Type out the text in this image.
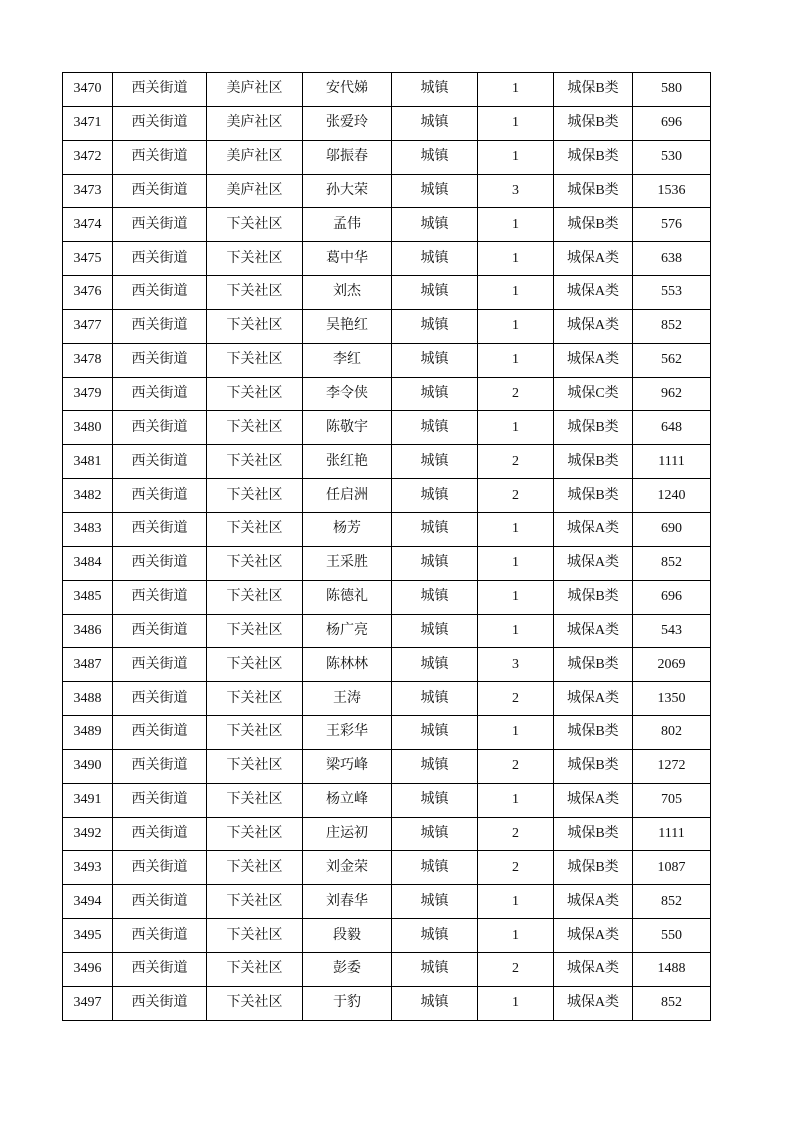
3470	西关街道	美庐社区	安代娣	城镇	1	城保B类	580
3471	西关街道	美庐社区	张爱玲	城镇	1	城保B类	696
3472	西关街道	美庐社区	邬振春	城镇	1	城保B类	530
3473	西关街道	美庐社区	孙大荣	城镇	3	城保B类	1536
3474	西关街道	下关社区	孟伟	城镇	1	城保B类	576
3475	西关街道	下关社区	葛中华	城镇	1	城保A类	638
3476	西关街道	下关社区	刘杰	城镇	1	城保A类	553
3477	西关街道	下关社区	吴艳红	城镇	1	城保A类	852
3478	西关街道	下关社区	李红	城镇	1	城保A类	562
3479	西关街道	下关社区	李令侠	城镇	2	城保C类	962
3480	西关街道	下关社区	陈敬宇	城镇	1	城保B类	648
3481	西关街道	下关社区	张红艳	城镇	2	城保B类	1111
3482	西关街道	下关社区	任启洲	城镇	2	城保B类	1240
3483	西关街道	下关社区	杨芳	城镇	1	城保A类	690
3484	西关街道	下关社区	王采胜	城镇	1	城保A类	852
3485	西关街道	下关社区	陈德礼	城镇	1	城保B类	696
3486	西关街道	下关社区	杨广亮	城镇	1	城保A类	543
3487	西关街道	下关社区	陈林林	城镇	3	城保B类	2069
3488	西关街道	下关社区	王涛	城镇	2	城保A类	1350
3489	西关街道	下关社区	王彩华	城镇	1	城保B类	802
3490	西关街道	下关社区	梁巧峰	城镇	2	城保B类	1272
3491	西关街道	下关社区	杨立峰	城镇	1	城保A类	705
3492	西关街道	下关社区	庄运初	城镇	2	城保B类	1111
3493	西关街道	下关社区	刘金荣	城镇	2	城保B类	1087
3494	西关街道	下关社区	刘春华	城镇	1	城保A类	852
3495	西关街道	下关社区	段毅	城镇	1	城保A类	550
3496	西关街道	下关社区	彭委	城镇	2	城保A类	1488
3497	西关街道	下关社区	于豹	城镇	1	城保A类	852
